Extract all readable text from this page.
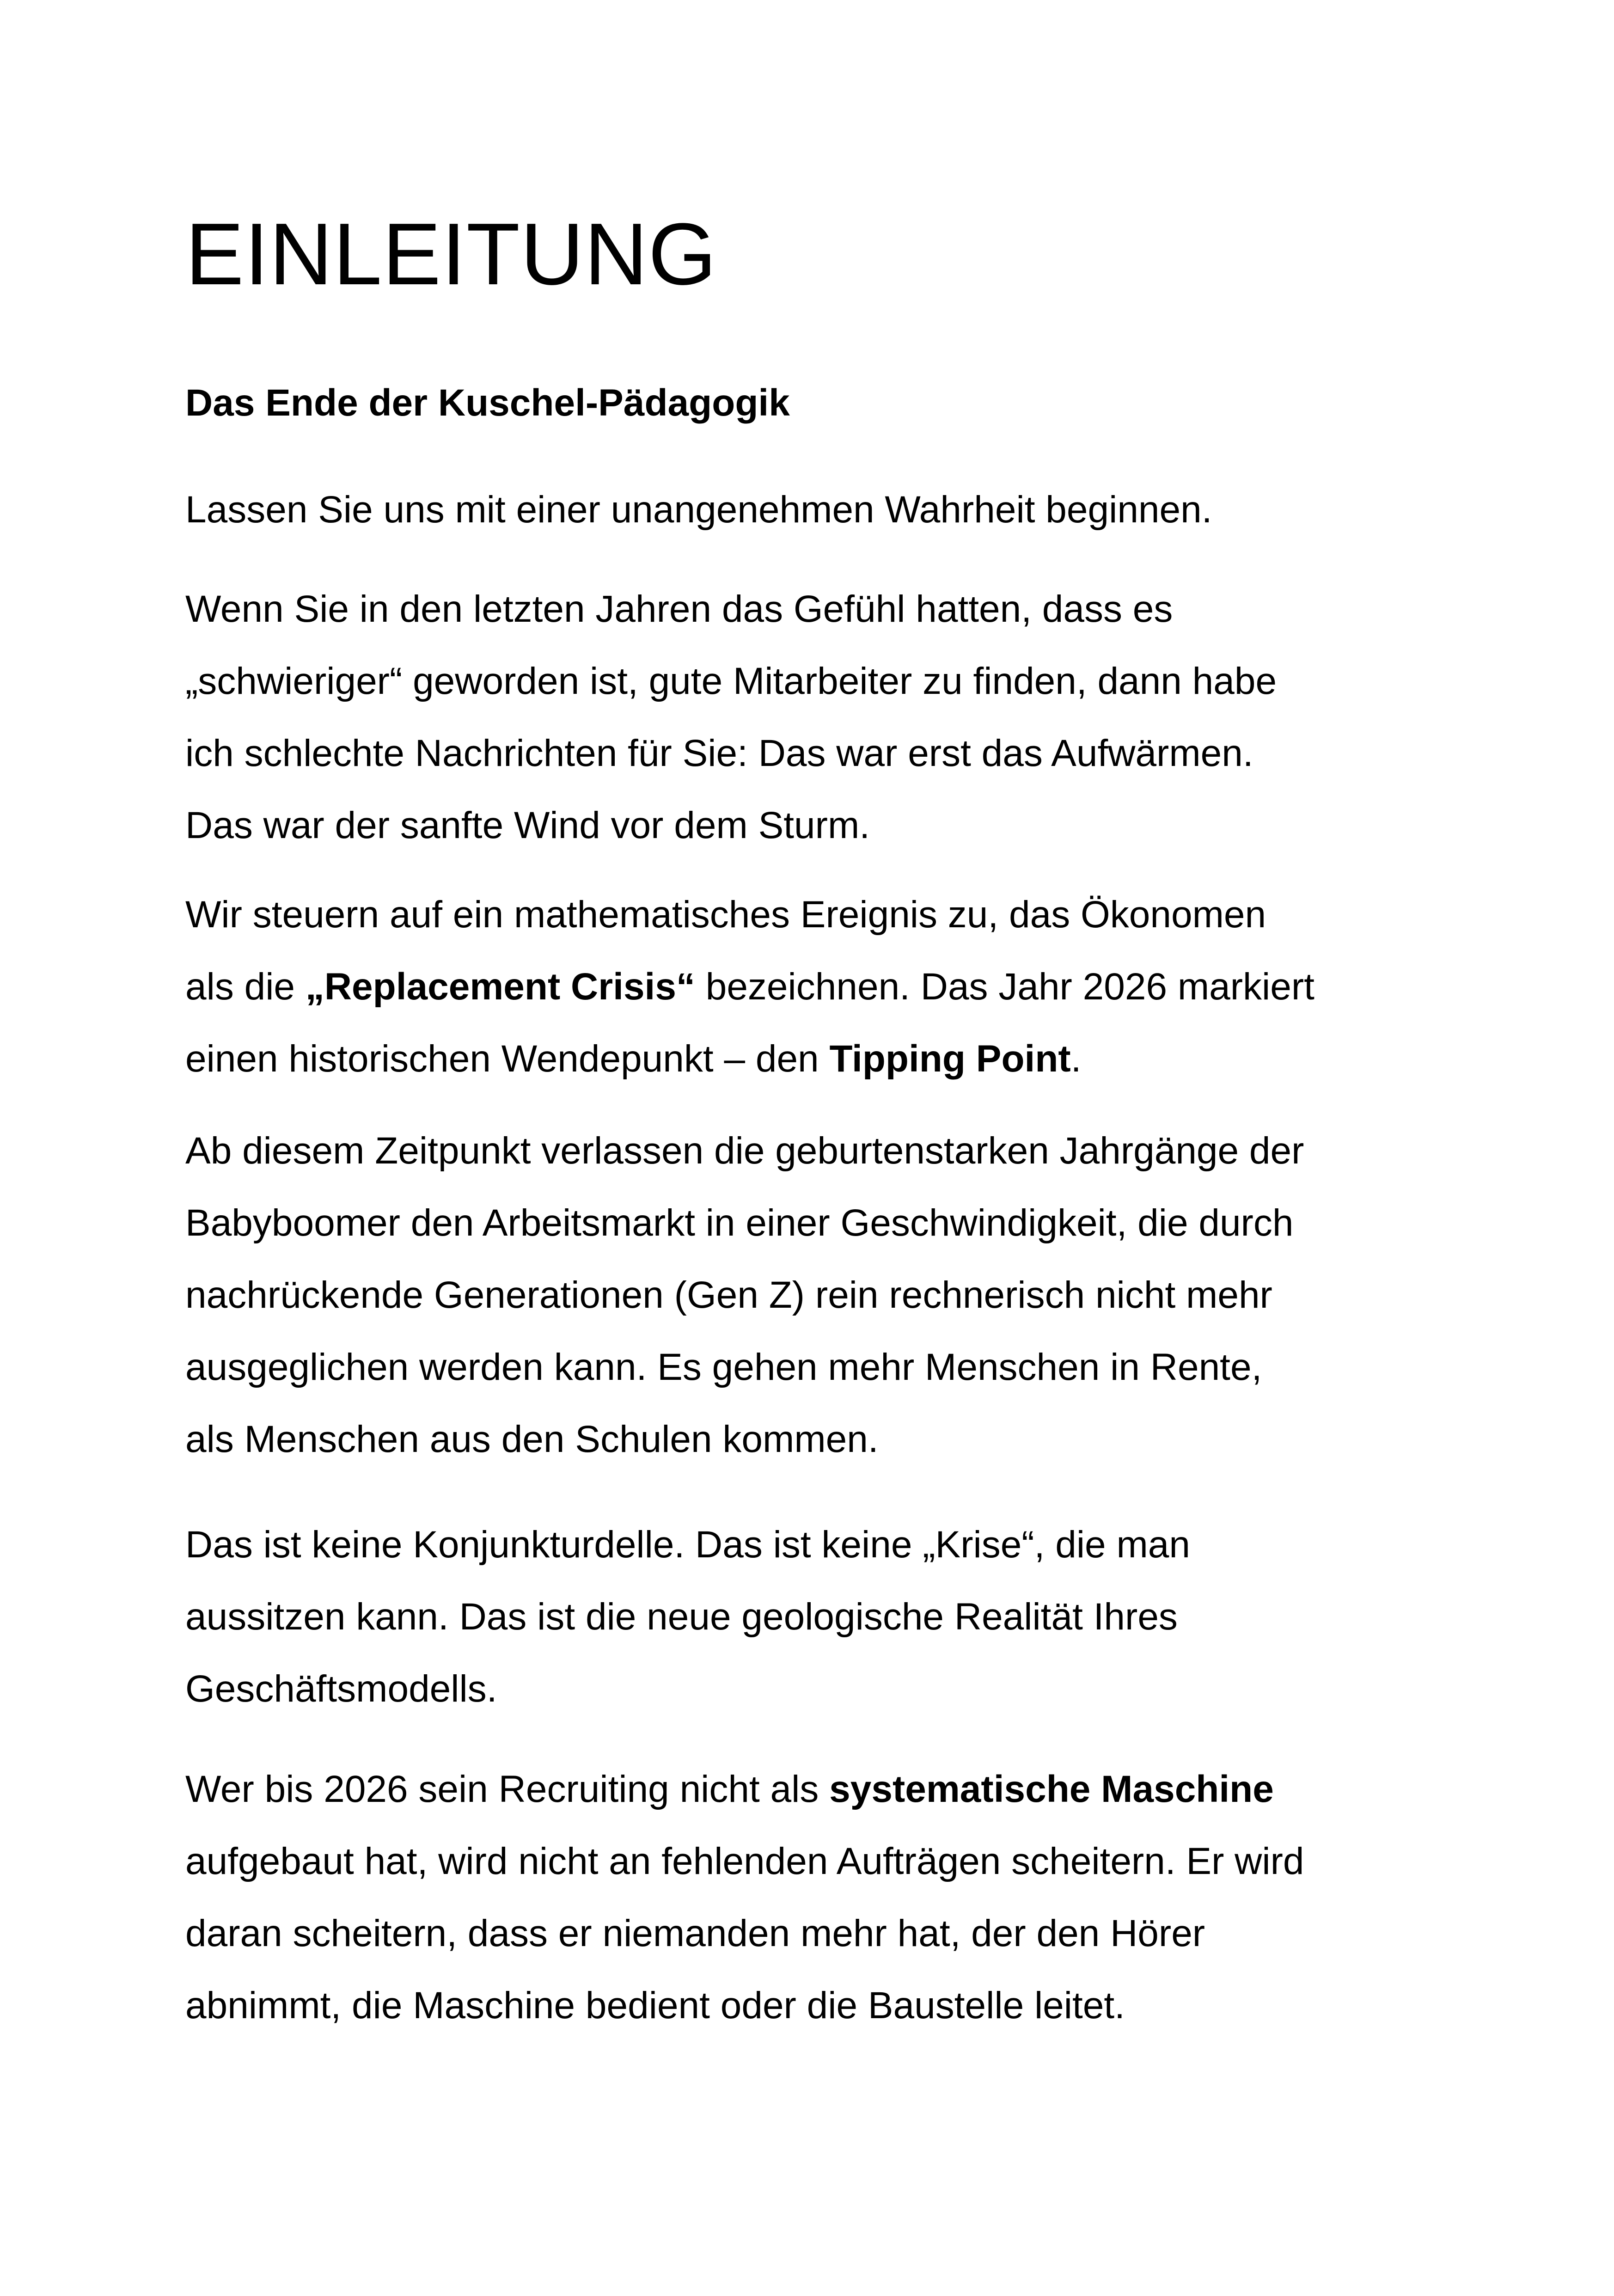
EINLEITUNG
Das Ende der Kuschel-Pädagogik

Lassen Sie uns mit einer unangenehmen Wahrheit beginnen.

Wenn Sie in den letzten Jahren das Gefühl hatten, dass es
„schwieriger“ geworden ist, gute Mitarbeiter zu finden, dann habe
ich schlechte Nachrichten für Sie: Das war erst das Aufwärmen.
Das war der sanfte Wind vor dem Sturm.

Wir steuern auf ein mathematisches Ereignis zu, das Ökonomen
als die „Replacement Crisis“ bezeichnen. Das Jahr 2026 markiert
einen historischen Wendepunkt – den Tipping Point.

Ab diesem Zeitpunkt verlassen die geburtenstarken Jahrgänge der
Babyboomer den Arbeitsmarkt in einer Geschwindigkeit, die durch
nachrückende Generationen (Gen Z) rein rechnerisch nicht mehr
ausgeglichen werden kann. Es gehen mehr Menschen in Rente,
als Menschen aus den Schulen kommen.

Das ist keine Konjunkturdelle. Das ist keine „Krise“, die man
aussitzen kann. Das ist die neue geologische Realität Ihres
Geschäftsmodells.

Wer bis 2026 sein Recruiting nicht als systematische Maschine
aufgebaut hat, wird nicht an fehlenden Aufträgen scheitern. Er wird
daran scheitern, dass er niemanden mehr hat, der den Hörer
abnimmt, die Maschine bedient oder die Baustelle leitet.
